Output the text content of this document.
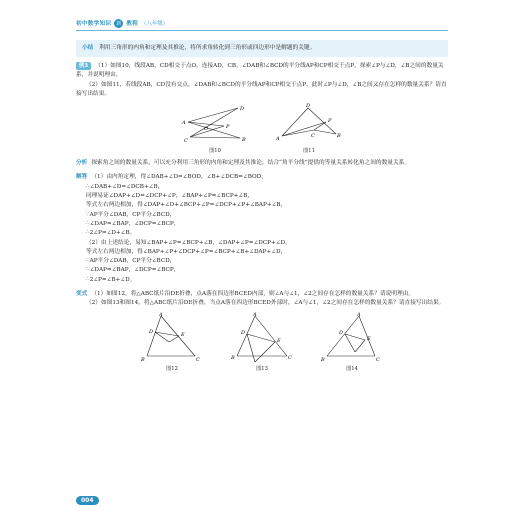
初中数学知识 新 教程 （八年级）
小结 利用三角形的内角和定理及其推论，将所求角转化到三角形或四边形中是解题的关键。

例3 （1）如图10，线段AB，CD相交于点O，连接AD，CB，∠DAB和∠BCD的平分线AP和CP相交于点P，探索∠P与∠D，∠B之间的数量关系，并说明理由。

（2）如图11，若线段AB，CD没有交点，∠DAB和∠BCD的平分线AP和CP相交于点P，此时∠P与∠D，∠B之间又存在怎样的数量关系？请直接写出结果。

A
C
D
B
P
O
图10
A
D
B
C
P
图11

分析 探索角之间的数量关系，可以充分利用三角形的内角和定理及其推论，结合“角平分线”提供的等量关系转化角之间的数量关系。

解答 （1）由内角定理，得∠DAB+∠D=∠BOD，∠B+∠DCB=∠BOD，

∴∠DAB+∠D=∠DCB+∠B，

同理易证∠DAP+∠D=∠DCP+∠P，∠BAP+∠P=∠BCP+∠B，

等式左右两边相加，得∠DAP+∠D+∠BCP+∠P=∠DCP+∠P+∠BAP+∠B，

∵AP平分∠DAB，CP平分∠BCD，

∴∠DAP=∠BAP，∠DCP=∠BCP，

∴2∠P=∠D+∠B。

（2）由上述结论，易知∠BAP+∠P=∠BCP+∠B，∠DAP+∠P=∠DCP+∠D，

等式左右两边相加，得∠BAP+∠P+∠DCP+∠P=∠BCP+∠B+∠DAP+∠D，

∵AP平分∠DAB，CP平分∠BCD，

∴∠DAP=∠BAP，∠DCP=∠BCP，

∴2∠P=∠B+∠D。

变式 （1）如图12，将△ABC纸片沿DE折叠，点A落在四边形BCED内部，则∠A与∠1，∠2之间存在怎样的数量关系？请说明理由。

（2）如图13和图14，将△ABC纸片沿DE折叠，当点A落在四边形BCED外部时，∠A与∠1，∠2之间存在怎样的数量关系？请直接写出结果。

A
D	E
B	C
图12
A
D
E
B	C
图13
A
D
E
B	C
图14
004
